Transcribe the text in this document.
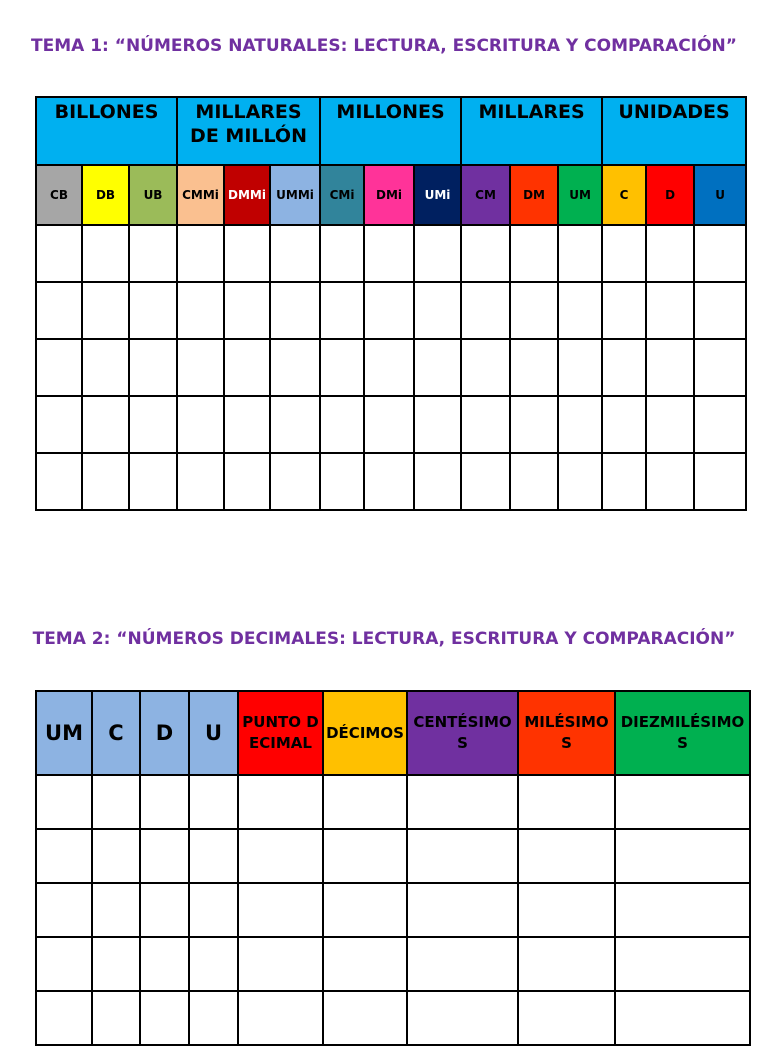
TEMA 1: “NÚMEROS NATURALES: LECTURA, ESCRITURA Y COMPARACIÓN”
BILLONES			MILLARES DE MILLÓN			MILLONES			MILLARES			UNIDADES		
CB	DB	UB	CMMi	DMMi	UMMi	CMi	DMi	UMi	CM	DM	UM	C	D	U

TEMA 2: “NÚMEROS DECIMALES: LECTURA, ESCRITURA Y COMPARACIÓN”
UM	C	D	U	PUNTO DECIMAL	DÉCIMOS	CENTÉSIMOS	MILÉSIMOS	DIEZMILÉSIMOS
